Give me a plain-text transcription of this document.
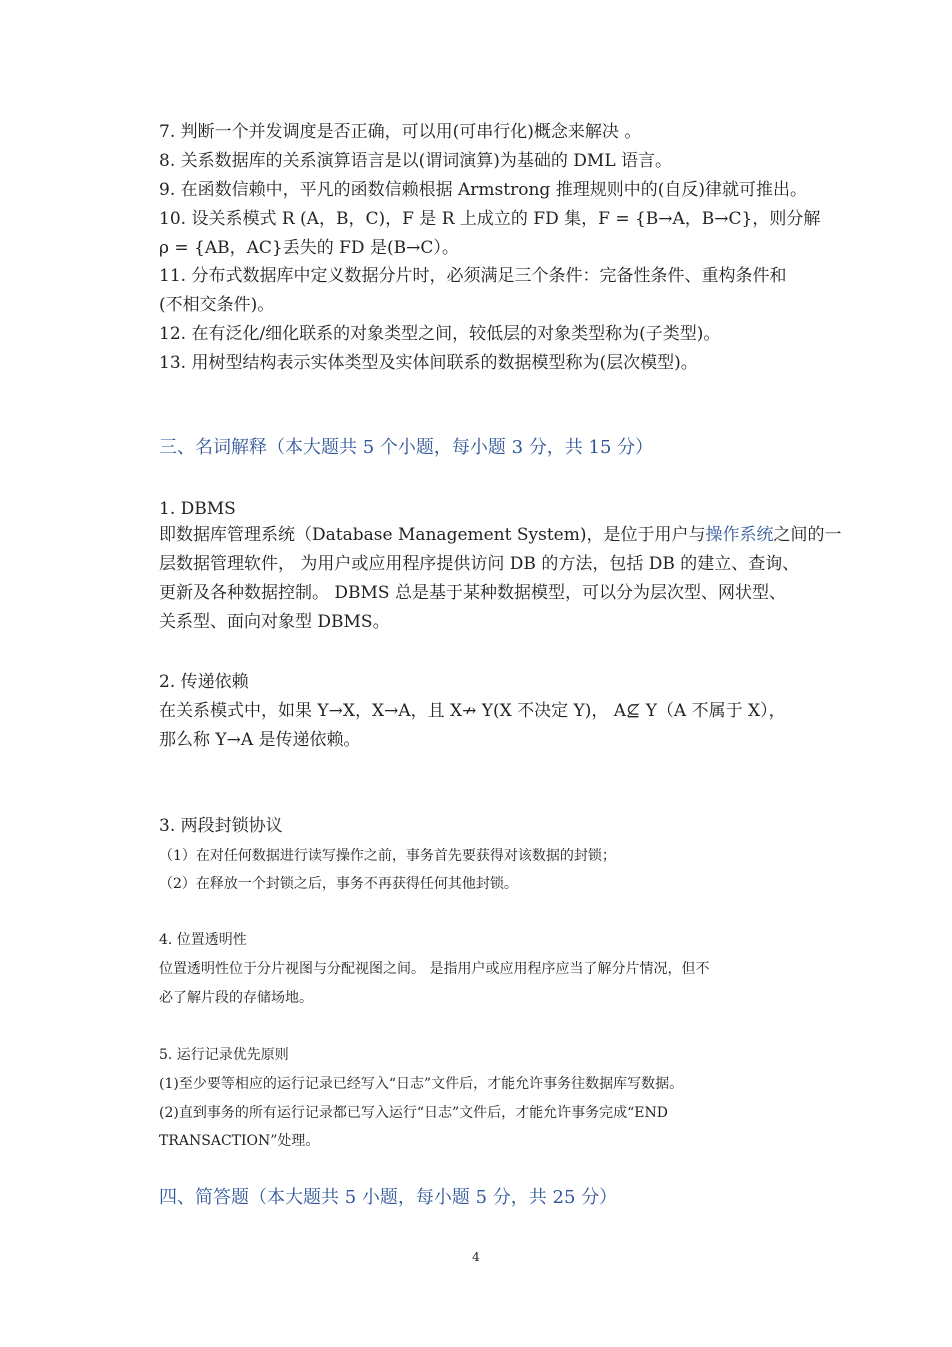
7. 判断一个并发调度是否正确，可以用(可串行化)概念来解决 。
8. 关系数据库的关系演算语言是以(谓词演算)为基础的 DML 语言。
9. 在函数信赖中，平凡的函数信赖根据 Armstrong 推理规则中的(自反)律就可推出。
10. 设关系模式 R (A，B，C)，F 是 R 上成立的 FD 集，F = {B→A，B→C}，则分解
ρ = {AB，AC}丢失的 FD 是(B→C）。
11. 分布式数据库中定义数据分片时，必须满足三个条件：完备性条件、重构条件和
(不相交条件)。
12. 在有泛化/细化联系的对象类型之间，较低层的对象类型称为(子类型)。
13. 用树型结构表示实体类型及实体间联系的数据模型称为(层次模型)。
三、名词解释（本大题共 5 个小题，每小题 3 分，共 15 分）
1. DBMS
即数据库管理系统（Database Management System)，是位于用户与操作系统之间的一
层数据管理软件， 为用户或应用程序提供访问 DB 的方法，包括 DB 的建立、查询、
更新及各种数据控制。 DBMS 总是基于某种数据模型，可以分为层次型、网状型、
关系型、面向对象型 DBMS。
2. 传递依赖
在关系模式中，如果 Y→X，X→A，且 X↛ Y(X 不决定 Y)， A⊈ Y（A 不属于 X），
那么称 Y→A 是传递依赖。
3. 两段封锁协议
（1）在对任何数据进行读写操作之前，事务首先要获得对该数据的封锁；
（2）在释放一个封锁之后，事务不再获得任何其他封锁。
4. 位置透明性
位置透明性位于分片视图与分配视图之间。 是指用户或应用程序应当了解分片情况，但不
必了解片段的存储场地。
5. 运行记录优先原则
(1)至少要等相应的运行记录已经写入“日志”文件后，才能允许事务往数据库写数据。
(2)直到事务的所有运行记录都已写入运行“日志”文件后，才能允许事务完成“END
TRANSACTION”处理。
四、简答题（本大题共 5 小题，每小题 5 分，共 25 分）
4
